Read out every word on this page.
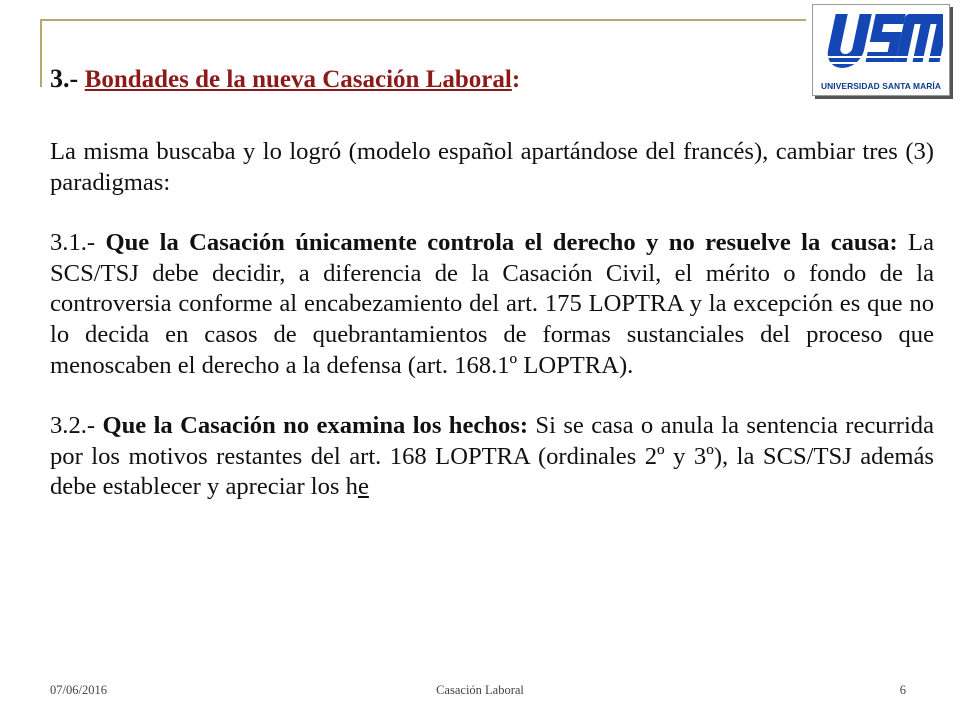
UNIVERSIDAD SANTA MARÍA

3.- Bondades de la nueva Casación Laboral:

La misma buscaba y lo logró (modelo español apartándose del francés), cambiar tres (3) paradigmas:

3.1.- Que la Casación únicamente controla el derecho y no resuelve la causa: La SCS/TSJ debe decidir, a diferencia de la Casación Civil, el mérito o fondo de la controversia conforme al encabezamiento del art. 175 LOPTRA y la excepción es que no lo decida en casos de quebrantamientos de formas sustanciales del proceso que menoscaben el derecho a la defensa (art. 168.1º LOPTRA).

3.2.- Que la Casación no examina los hechos: Si se casa o anula la sentencia recurrida por los motivos restantes del art. 168 LOPTRA (ordinales 2º y 3º), la SCS/TSJ además debe establecer y apreciar los he

07/06/2016	Casación Laboral	6
